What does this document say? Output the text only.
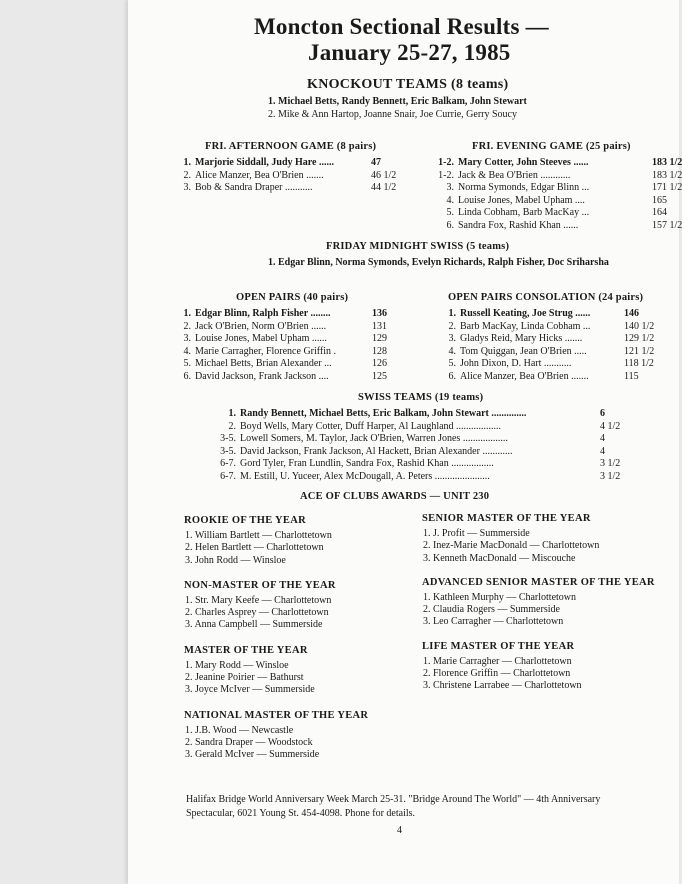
Moncton Sectional Results —
January 25-27, 1985
KNOCKOUT TEAMS (8 teams)
1. Michael Betts, Randy Bennett, Eric Balkam, John Stewart
2. Mike & Ann Hartop, Joanne Snair, Joe Currie, Gerry Soucy
FRI. AFTERNOON GAME (8 pairs)
1. Marjorie Siddall, Judy Hare ......	47
2. Alice Manzer, Bea O'Brien .......	46 1/2
3. Bob & Sandra Draper ...........	44 1/2
FRI. EVENING GAME (25 pairs)
1-2. Mary Cotter, John Steeves ......	183 1/2
1-2. Jack & Bea O'Brien ............	183 1/2
3. Norma Symonds, Edgar Blinn ...	171 1/2
4. Louise Jones, Mabel Upham ....	165
5. Linda Cobham, Barb MacKay ...	164
6. Sandra Fox, Rashid Khan ......	157 1/2
FRIDAY MIDNIGHT SWISS (5 teams)
1. Edgar Blinn, Norma Symonds, Evelyn Richards, Ralph Fisher, Doc Sriharsha
OPEN PAIRS (40 pairs)
1. Edgar Blinn, Ralph Fisher ........	136
2. Jack O'Brien, Norm O'Brien ......	131
3. Louise Jones, Mabel Upham ......	129
4. Marie Carragher, Florence Griffin .	128
5. Michael Betts, Brian Alexander ...	126
6. David Jackson, Frank Jackson ....	125
OPEN PAIRS CONSOLATION (24 pairs)
1. Russell Keating, Joe Strug ......	146
2. Barb MacKay, Linda Cobham ...	140 1/2
3. Gladys Reid, Mary Hicks .......	129 1/2
4. Tom Quiggan, Jean O'Brien .....	121 1/2
5. John Dixon, D. Hart ...........	118 1/2
6. Alice Manzer, Bea O'Brien .......	115
SWISS TEAMS (19 teams)
1. Randy Bennett, Michael Betts, Eric Balkam, John Stewart ..............	6
2. Boyd Wells, Mary Cotter, Duff Harper, Al Laughland ..................	4 1/2
3-5. Lowell Somers, M. Taylor, Jack O'Brien, Warren Jones ..................	4
3-5. David Jackson, Frank Jackson, Al Hackett, Brian Alexander ............	4
6-7. Gord Tyler, Fran Lundlin, Sandra Fox, Rashid Khan .................	3 1/2
6-7. M. Estill, U. Yuceer, Alex McDougall, A. Peters ......................	3 1/2
ACE OF CLUBS AWARDS — UNIT 230
ROOKIE OF THE YEAR
1. William Bartlett — Charlottetown
2. Helen Bartlett — Charlottetown
3. John Rodd — Winsloe
NON-MASTER OF THE YEAR
1. Str. Mary Keefe — Charlottetown
2. Charles Asprey — Charlottetown
3. Anna Campbell — Summerside
MASTER OF THE YEAR
1. Mary Rodd — Winsloe
2. Jeanine Poirier — Bathurst
3. Joyce McIver — Summerside
NATIONAL MASTER OF THE YEAR
1. J.B. Wood — Newcastle
2. Sandra Draper — Woodstock
3. Gerald McIver — Summerside
SENIOR MASTER OF THE YEAR
1. J. Profit — Summerside
2. Inez-Marie MacDonald — Charlottetown
3. Kenneth MacDonald — Miscouche
ADVANCED SENIOR MASTER OF THE YEAR
1. Kathleen Murphy — Charlottetown
2. Claudia Rogers — Summerside
3. Leo Carragher — Charlottetown
LIFE MASTER OF THE YEAR
1. Marie Carragher — Charlottetown
2. Florence Griffin — Charlottetown
3. Christene Larrabee — Charlottetown
Halifax Bridge World Anniversary Week March 25-31. "Bridge Around The World" — 4th Anniversary
Spectacular, 6021 Young St. 454-4098. Phone for details.
4
